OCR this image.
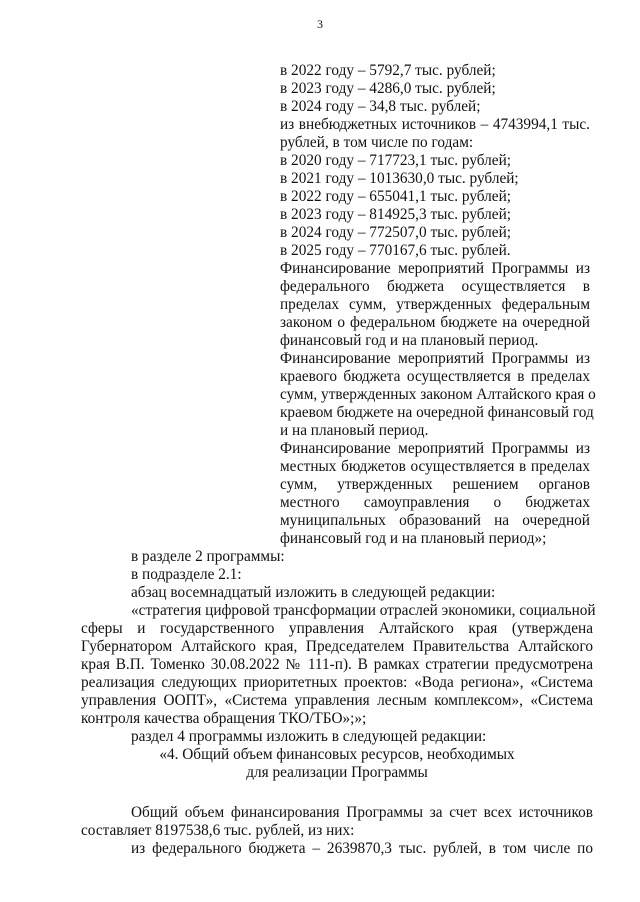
3
в 2022 году – 5792,7 тыс. рублей;
в 2023 году – 4286,0 тыс. рублей;
в 2024 году – 34,8 тыс. рублей;
из внебюджетных источников – 4743994,1 тыс.
рублей, в том числе по годам:
в 2020 году – 717723,1 тыс. рублей;
в 2021 году – 1013630,0 тыс. рублей;
в 2022 году – 655041,1 тыс. рублей;
в 2023 году – 814925,3 тыс. рублей;
в 2024 году – 772507,0 тыс. рублей;
в 2025 году – 770167,6 тыс. рублей.
Финансирование мероприятий Программы из
федерального бюджета осуществляется в
пределах сумм, утвержденных федеральным
законом о федеральном бюджете на очередной
финансовый год и на плановый период.
Финансирование мероприятий Программы из
краевого бюджета осуществляется в пределах
сумм, утвержденных законом Алтайского края о
краевом бюджете на очередной финансовый год
и на плановый период.
Финансирование мероприятий Программы из
местных бюджетов осуществляется в пределах
сумм, утвержденных решением органов
местного самоуправления о бюджетах
муниципальных образований на очередной
финансовый год и на плановый период»;
в разделе 2 программы:
в подразделе 2.1:
абзац восемнадцатый изложить в следующей редакции:
«стратегия цифровой трансформации отраслей экономики, социальной
сферы и государственного управления Алтайского края (утверждена
Губернатором Алтайского края, Председателем Правительства Алтайского
края В.П. Томенко 30.08.2022 № 111-п). В рамках стратегии предусмотрена
реализация следующих приоритетных проектов: «Вода региона», «Система
управления ООПТ», «Система управления лесным комплексом», «Система
контроля качества обращения ТКО/ТБО»;»;
раздел 4 программы изложить в следующей редакции:
«4. Общий объем финансовых ресурсов, необходимых
для реализации Программы
Общий объем финансирования Программы за счет всех источников
составляет 8197538,6 тыс. рублей, из них:
из федерального бюджета – 2639870,3 тыс. рублей, в том числе по
